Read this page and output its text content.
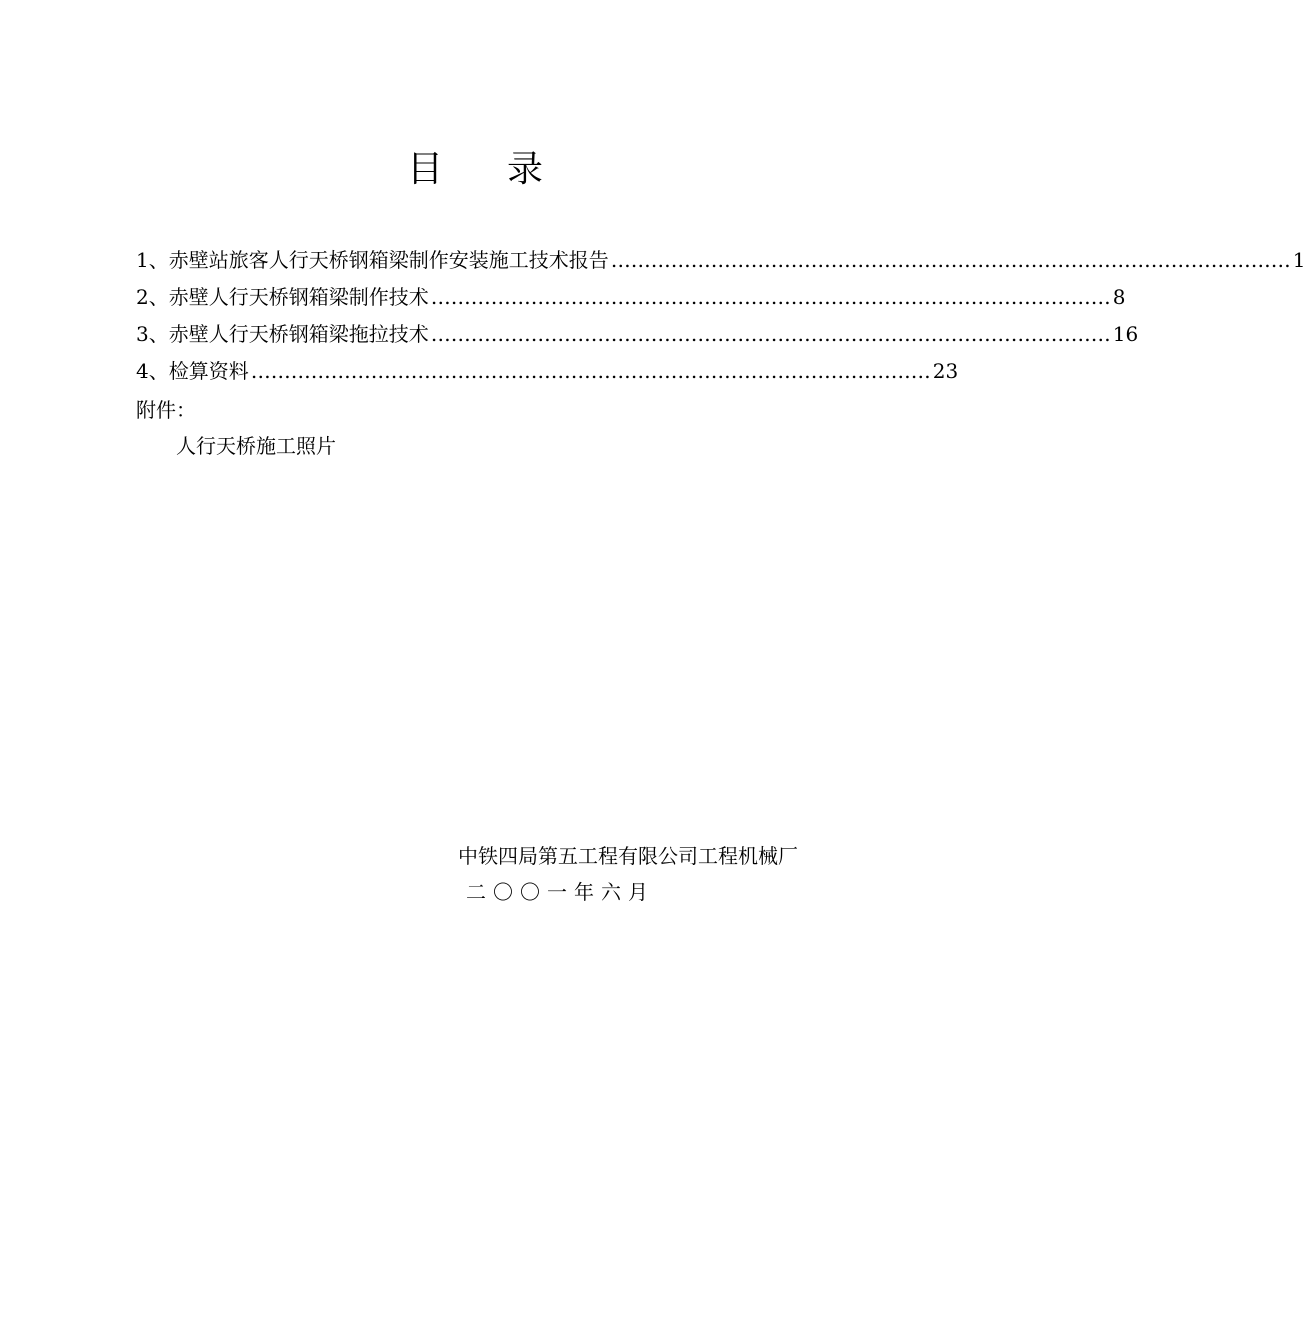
目录
1、 赤壁站旅客人行天桥钢箱梁制作安装施工技术报告 ………………………………………………………………………………………… 1
2、 赤壁人行天桥钢箱梁制作技术 ………………………………………………………………………………………… 8
3、 赤壁人行天桥钢箱梁拖拉技术 ………………………………………………………………………………………… 16
4、 检算资料 ………………………………………………………………………………………… 23
附件：
人行天桥施工照片
中铁四局第五工程有限公司工程机械厂
二〇〇一年六月
